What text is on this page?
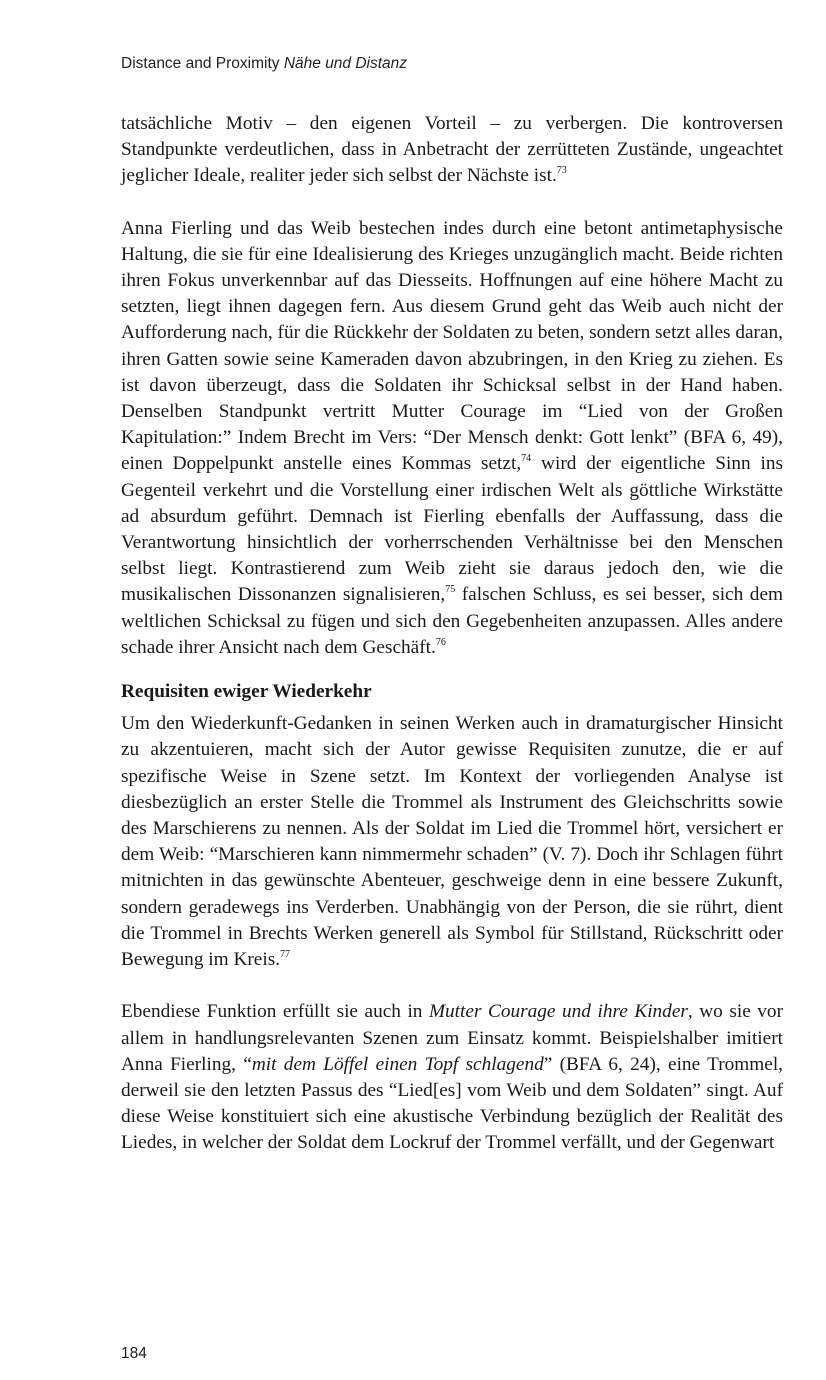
Distance and Proximity Nähe und Distanz

tatsächliche Motiv – den eigenen Vorteil – zu verbergen. Die kontroversen Standpunkte verdeutlichen, dass in Anbetracht der zerrütteten Zustände, ungeachtet jeglicher Ideale, realiter jeder sich selbst der Nächste ist.$^{73}$

Anna Fierling und das Weib bestechen indes durch eine betont antimetaphysische Haltung, die sie für eine Idealisierung des Krieges unzugänglich macht. Beide richten ihren Fokus unverkennbar auf das Diesseits. Hoffnungen auf eine höhere Macht zu setzten, liegt ihnen dagegen fern. Aus diesem Grund geht das Weib auch nicht der Aufforderung nach, für die Rückkehr der Soldaten zu beten, sondern setzt alles daran, ihren Gatten sowie seine Kameraden davon abzubringen, in den Krieg zu ziehen. Es ist davon überzeugt, dass die Soldaten ihr Schicksal selbst in der Hand haben. Denselben Standpunkt vertritt Mutter Courage im “Lied von der Großen Kapitulation:” Indem Brecht im Vers: “Der Mensch denkt: Gott lenkt” (BFA 6, 49), einen Doppelpunkt anstelle eines Kommas setzt,$^{74}$ wird der eigentliche Sinn ins Gegenteil verkehrt und die Vorstellung einer irdischen Welt als göttliche Wirkstätte ad absurdum geführt. Demnach ist Fierling ebenfalls der Auffassung, dass die Verantwortung hinsichtlich der vorherrschenden Verhältnisse bei den Menschen selbst liegt. Kontrastierend zum Weib zieht sie daraus jedoch den, wie die musikalischen Dissonanzen signalisieren,$^{75}$ falschen Schluss, es sei besser, sich dem weltlichen Schicksal zu fügen und sich den Gegebenheiten anzupassen. Alles andere schade ihrer Ansicht nach dem Geschäft.$^{76}$

Requisiten ewiger Wiederkehr

Um den Wiederkunft-Gedanken in seinen Werken auch in dramaturgischer Hinsicht zu akzentuieren, macht sich der Autor gewisse Requisiten zunutze, die er auf spezifische Weise in Szene setzt. Im Kontext der vorliegenden Analyse ist diesbezüglich an erster Stelle die Trommel als Instrument des Gleichschritts sowie des Marschierens zu nennen. Als der Soldat im Lied die Trommel hört, versichert er dem Weib: “Marschieren kann nimmermehr schaden” (V. 7). Doch ihr Schlagen führt mitnichten in das gewünschte Abenteuer, geschweige denn in eine bessere Zukunft, sondern geradewegs ins Verderben. Unabhängig von der Person, die sie rührt, dient die Trommel in Brechts Werken generell als Symbol für Stillstand, Rückschritt oder Bewegung im Kreis.$^{77}$

Ebendiese Funktion erfüllt sie auch in Mutter Courage und ihre Kinder, wo sie vor allem in handlungsrelevanten Szenen zum Einsatz kommt. Beispielshalber imitiert Anna Fierling, “mit dem Löffel einen Topf schlagend” (BFA 6, 24), eine Trommel, derweil sie den letzten Passus des “Lied[es] vom Weib und dem Soldaten” singt. Auf diese Weise konstituiert sich eine akustische Verbindung bezüglich der Realität des Liedes, in welcher der Soldat dem Lockruf der Trommel verfällt, und der Gegenwart

184
